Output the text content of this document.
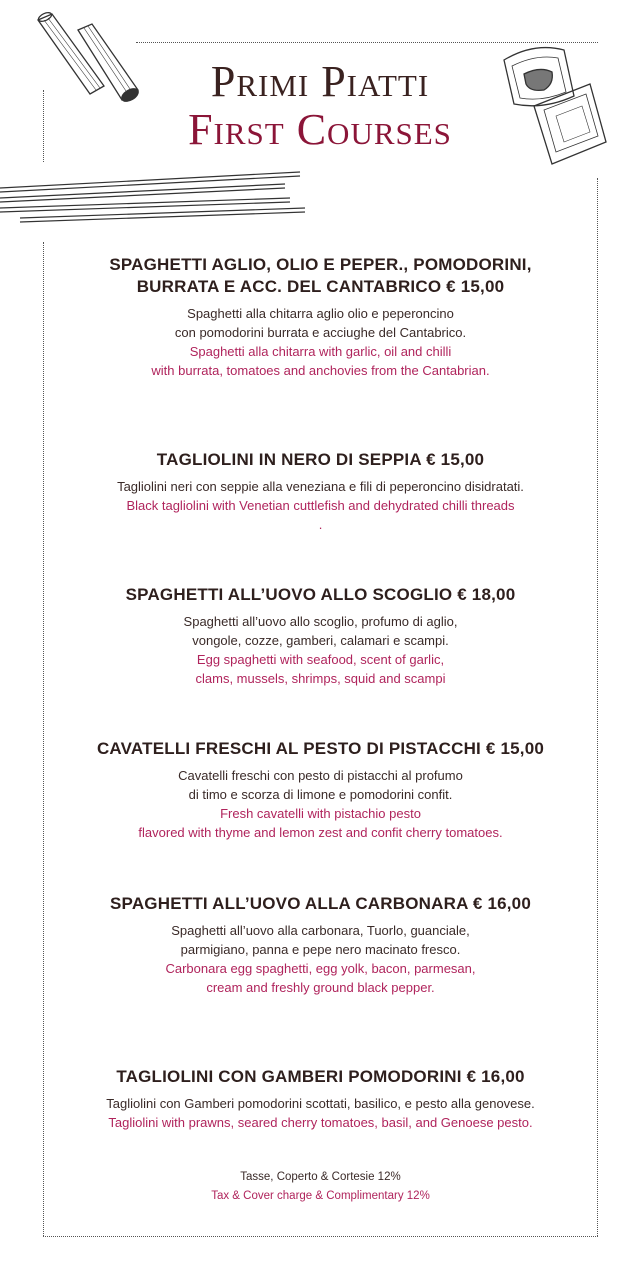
Primi Piatti
First Courses
SPAGHETTI AGLIO, OLIO E PEPER., POMODORINI,
BURRATA E ACC. DEL CANTABRICO € 15,00
Spaghetti alla chitarra aglio olio e peperoncino
con pomodorini burrata e acciughe del Cantabrico.
Spaghetti alla chitarra with garlic, oil and chilli
with burrata, tomatoes and anchovies from the Cantabrian.
TAGLIOLINI IN NERO DI SEPPIA € 15,00
Tagliolini neri con seppie alla veneziana e fili di peperoncino disidratati.
Black tagliolini with Venetian cuttlefish and dehydrated chilli threads
.
SPAGHETTI ALL’UOVO ALLO SCOGLIO € 18,00
Spaghetti all’uovo allo scoglio, profumo di aglio,
vongole, cozze, gamberi, calamari e scampi.
Egg spaghetti with seafood, scent of garlic,
clams, mussels, shrimps, squid and scampi
CAVATELLI FRESCHI AL PESTO DI PISTACCHI € 15,00
Cavatelli freschi con pesto di pistacchi al profumo
di timo e scorza di limone e pomodorini confit.
Fresh cavatelli with pistachio pesto
flavored with thyme and lemon zest and confit cherry tomatoes.
SPAGHETTI ALL’UOVO ALLA CARBONARA € 16,00
Spaghetti all’uovo alla carbonara, Tuorlo, guanciale,
parmigiano, panna e pepe nero macinato fresco.
Carbonara egg spaghetti, egg yolk, bacon, parmesan,
cream and freshly ground black pepper.
TAGLIOLINI CON GAMBERI POMODORINI € 16,00
Tagliolini con Gamberi pomodorini scottati, basilico, e pesto alla genovese.
Tagliolini with prawns, seared cherry tomatoes, basil, and Genoese pesto.
Tasse, Coperto & Cortesie 12%
Tax & Cover charge & Complimentary 12%
